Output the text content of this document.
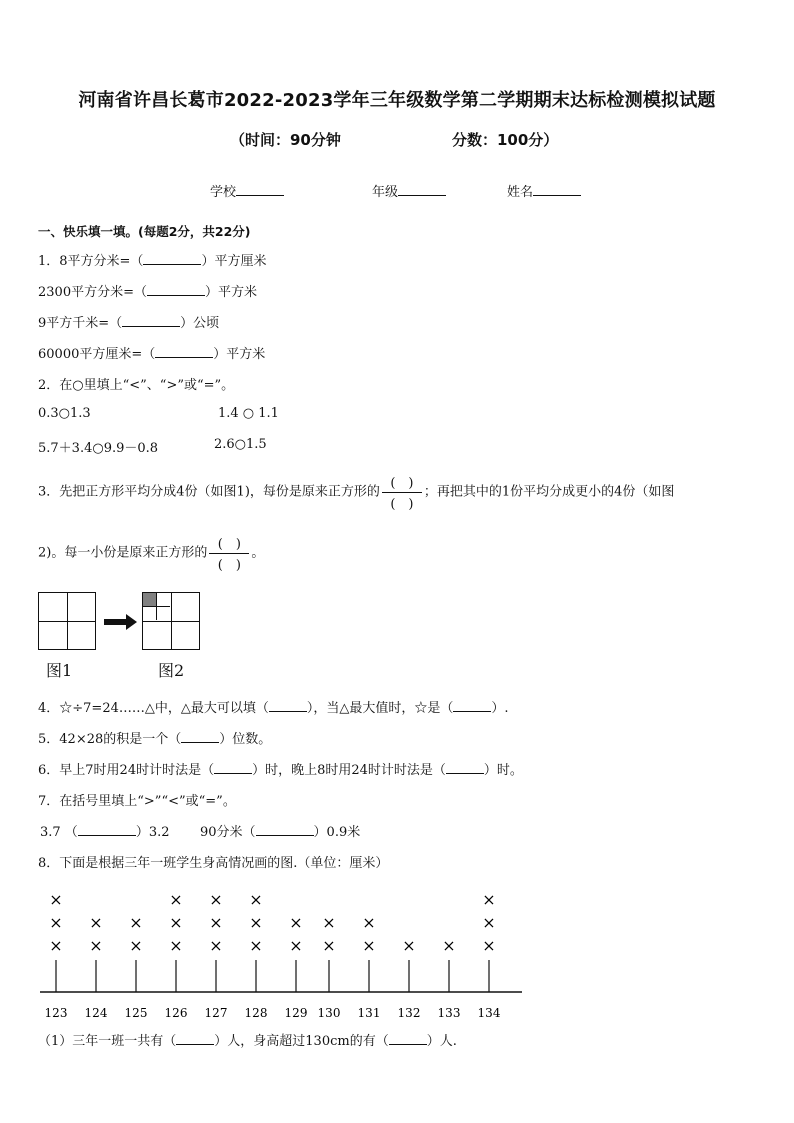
河南省许昌长葛市2022-2023学年三年级数学第二学期期末达标检测模拟试题
（时间：90分钟	分数：100分）
学校	年级	姓名
一、快乐填一填。(每题2分，共22分)
1．8平方分米=（	）平方厘米
2300平方分米=（	）平方米
9平方千米=（	）公顷
60000平方厘米=（	）平方米
2．在○里填上“<”、“>”或“=”。
0.3○1.3	1.4 ○ 1.1
5.7＋3.4○9.9－0.8	2.6○1.5
3．先把正方形平均分成4份（如图1)，每份是原来正方形的 $\frac{( )}{( )}$ ；再把其中的1份平均分成更小的4份（如图
2)。每一小份是原来正方形的 $\frac{( )}{( )}$ 。
图1	图2
4．☆÷7=24……△中，△最大可以填（	），当△最大值时，☆是（	）.
5．42×28的积是一个（	）位数。
6．早上7时用24时计时法是（	）时，晚上8时用24时计时法是（	）时。
7．在括号里填上“>”“<”或“=”。
3.7 （	）3.2 90分米（	）0.9米
8．下面是根据三年一班学生身高情况画的图.（单位：厘米）
123
×
×
×
124
×
×
125
×
×
126
×
×
×
127
×
×
×
128
×
×
×
129
×
×
130
×
×
131
×
×
132
×
133
×
134
×
×
×
（1）三年一班一共有（	）人，身高超过130cm的有（	）人.
